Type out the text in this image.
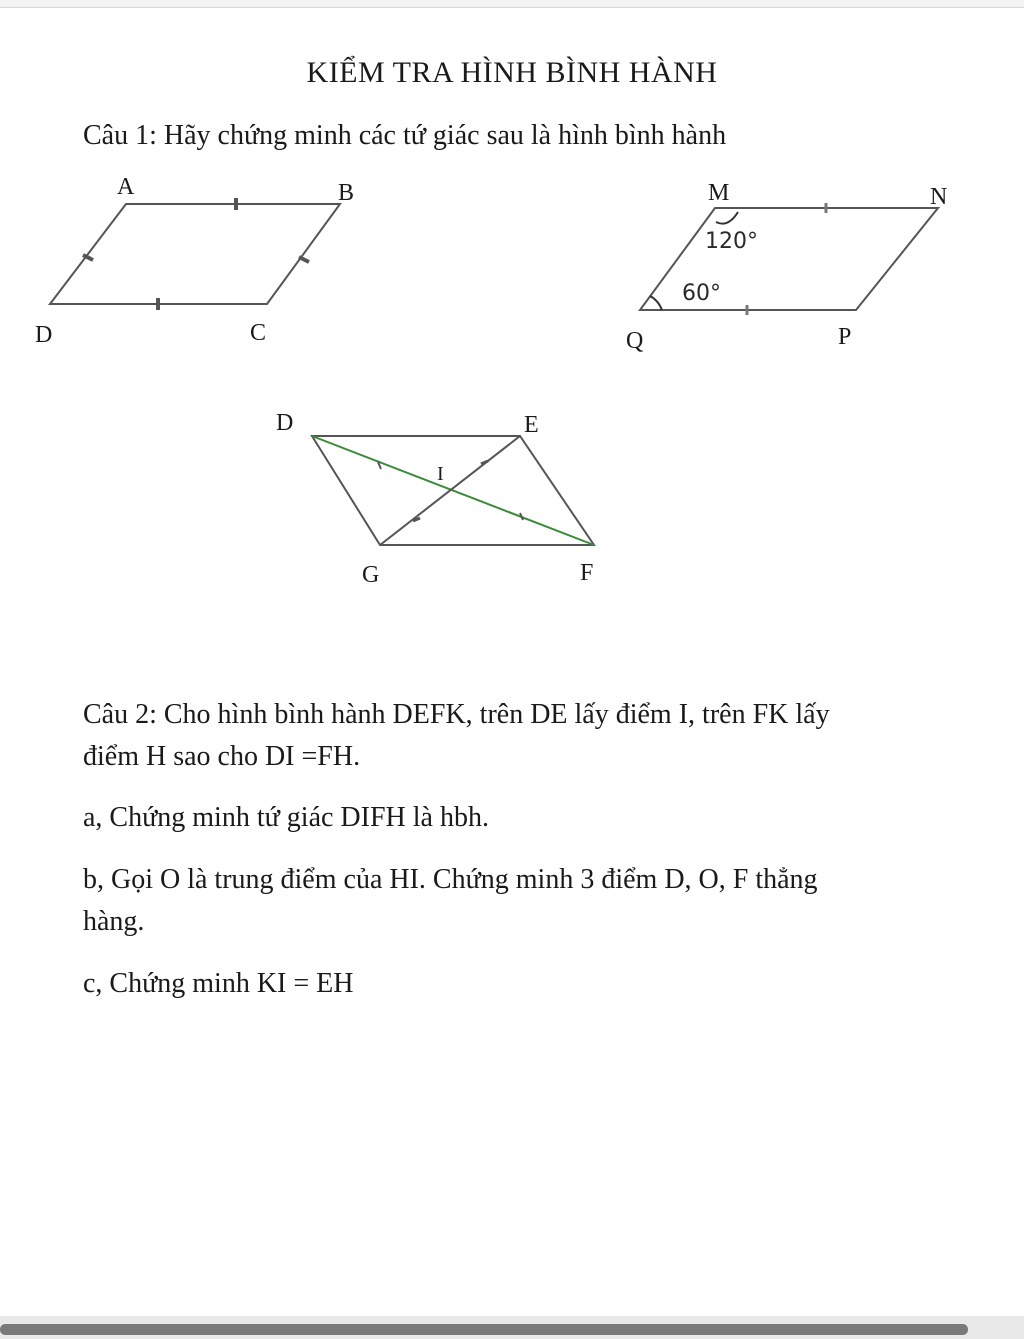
KIỂM TRA HÌNH BÌNH HÀNH
Câu 1: Hãy chứng minh các tứ giác sau là hình bình hành
A	B
C
D
120°
60°
M	N
P
Q
D	E
F
G
I
Câu 2: Cho hình bình hành DEFK, trên DE lấy điểm I, trên FK lấy
điểm H sao cho DI =FH.
a, Chứng minh tứ giác DIFH là hbh.
b, Gọi O là trung điểm của HI. Chứng minh 3 điểm D, O, F thẳng
hàng.
c, Chứng minh KI = EH
